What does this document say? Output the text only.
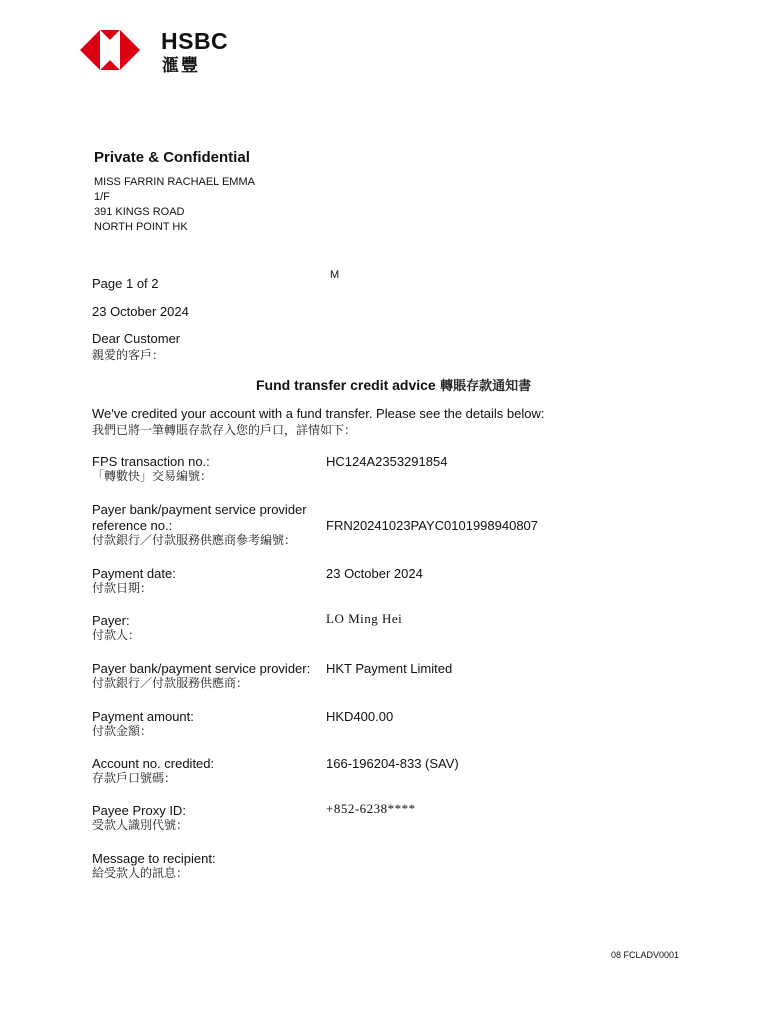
HSBC
滙豐
Private & Confidential
MISS FARRIN RACHAEL EMMA
1/F
391 KINGS ROAD
NORTH POINT HK
M
Page 1 of 2
23 October 2024
Dear Customer
親愛的客戶：
Fund transfer credit advice 轉賬存款通知書
We've credited your account with a fund transfer. Please see the details below:
我們已將一筆轉賬存款存入您的戶口，詳情如下：
FPS transaction no.:
「轉數快」交易編號：
HC124A2353291854
Payer bank/payment service provider
reference no.:
付款銀行／付款服務供應商參考編號：
FRN20241023PAYC0101998940807
Payment date:
付款日期：
23 October 2024
Payer:
付款人：
LO Ming Hei
Payer bank/payment service provider:
付款銀行／付款服務供應商：
HKT Payment Limited
Payment amount:
付款金額：
HKD400.00
Account no. credited:
存款戶口號碼：
166-196204-833 (SAV)
Payee Proxy ID:
受款人識別代號：
+852-6238****
Message to recipient:
給受款人的訊息：
08 FCLADV0001
